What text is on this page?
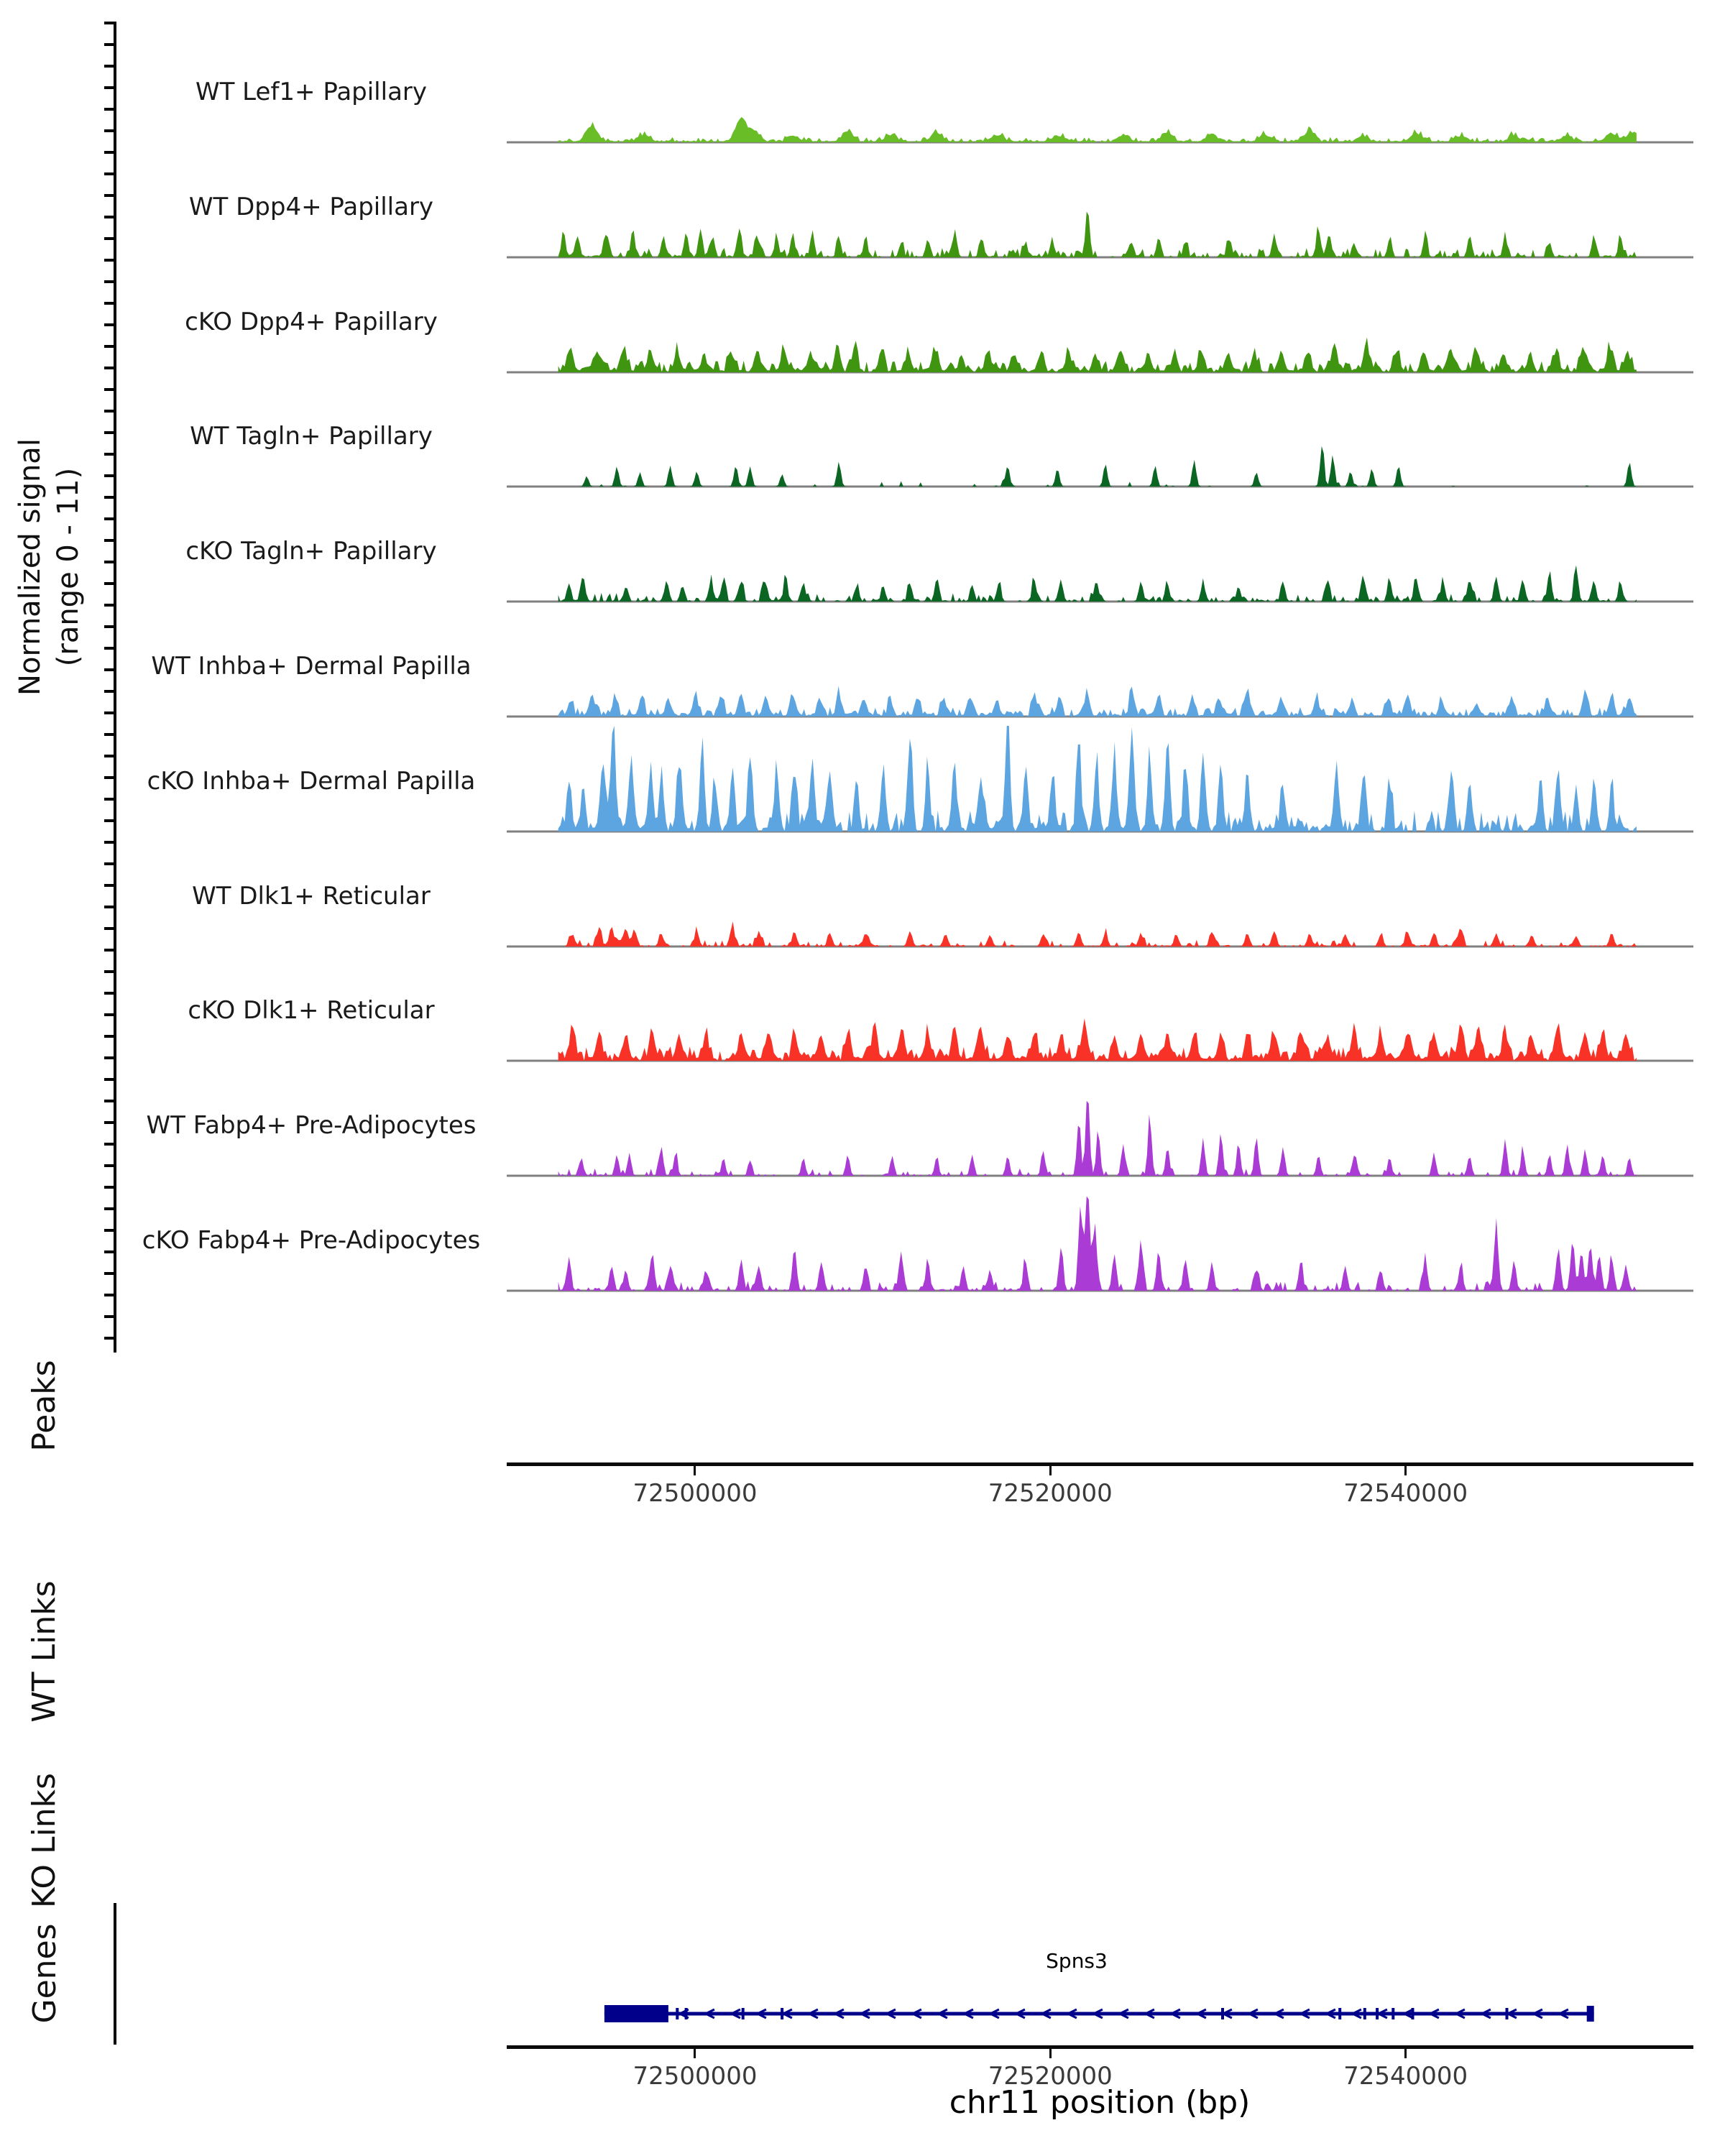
Normalized signal (range 0 - 11)
WT Lef1+ Papillary
WT Dpp4+ Papillary
cKO Dpp4+ Papillary
WT Tagln+ Papillary
cKO Tagln+ Papillary
WT Inhba+ Dermal Papilla
cKO Inhba+ Dermal Papilla
WT Dlk1+ Reticular
cKO Dlk1+ Reticular
WT Fabp4+ Pre-Adipocytes
cKO Fabp4+ Pre-Adipocytes
Peaks
WT Links
KO Links
Genes
72500000	72520000	72540000
Spns3
72500000	72520000	72540000
chr11 position (bp)
